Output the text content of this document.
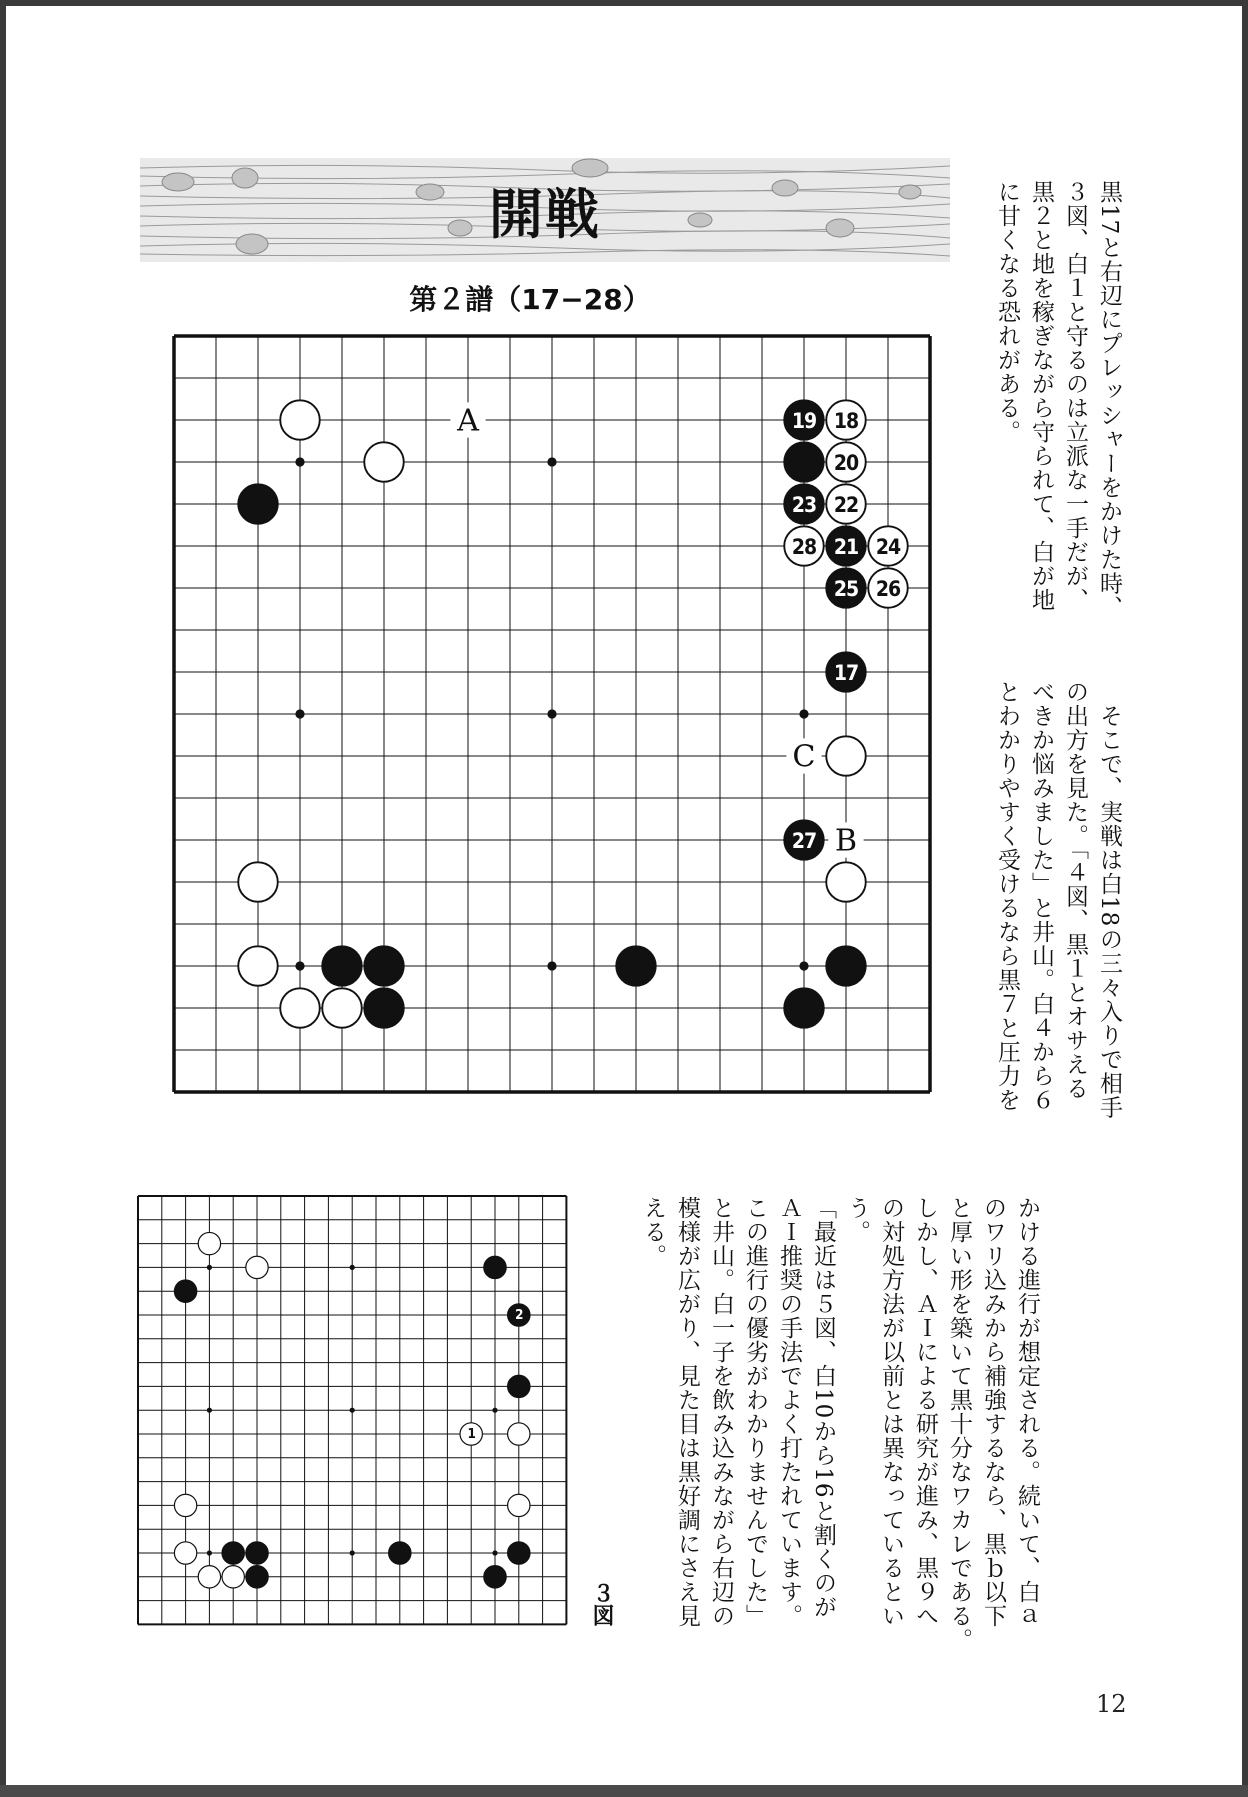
開戦
第２譜（17−28）
A
C
B
19 18
20
23 22
28 21 24
25 26
17
27
2
1
３図
黒17と右辺にプレッシャーをかけた時、
３図、白１と守るのは立派な一手だが、
黒２と地を稼ぎながら守られて、白が地
に甘くなる恐れがある。
　そこで、実戦は白18の三々入りで相手
の出方を見た。「４図、黒１とオサえる
べきか悩みました」と井山。白４から６
とわかりやすく受けるなら黒７と圧力を
かける進行が想定される。続いて、白ａ
のワリ込みから補強するなら、黒ｂ以下
と厚い形を築いて黒十分なワカレである。
しかし、ＡＩによる研究が進み、黒９へ
の対処方法が以前とは異なっているとい
う。
「最近は５図、白10から16と割くのが
ＡＩ推奨の手法でよく打たれています。
この進行の優劣がわかりませんでした」
と井山。白一子を飲み込みながら右辺の
模様が広がり、見た目は黒好調にさえ見
える。
12
